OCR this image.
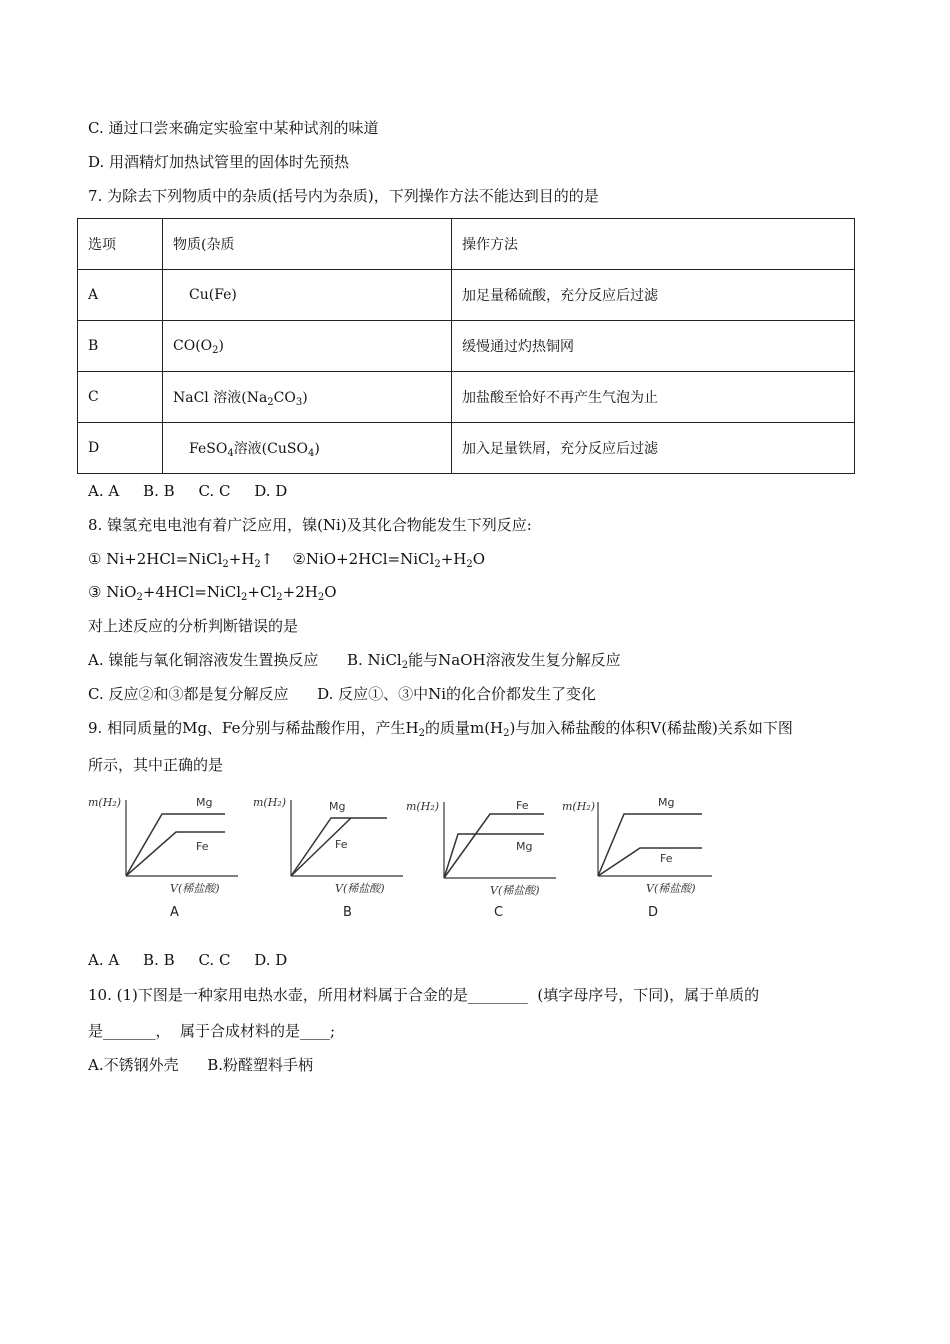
C. 通过口尝来确定实验室中某种试剂的味道
D. 用酒精灯加热试管里的固体时先预热
7. 为除去下列物质中的杂质(括号内为杂质)，下列操作方法不能达到目的的是
选项	物质(杂质	操作方法
A	Cu(Fe)	加足量稀硫酸，充分反应后过滤
B	$CO(O_2)$	缓慢通过灼热铜网
C	NaCl 溶液$(Na_2CO_3)$	加盐酸至恰好不再产生气泡为止
D	FeSO$_4$溶液(CuSO$_4$)	加入足量铁屑，充分反应后过滤
A. A     B. B     C. C     D. D
8. 镍氢充电电池有着广泛应用，镍(Ni)及其化合物能发生下列反应:
① $Ni+2HCl=NiCl_2+H_2↑$    $②NiO+2HCl=NiCl_2+H_2O$
③ $NiO_2+4HCl=NiCl_2+Cl_2+2H_2O$
对上述反应的分析判断错误的是
A. 镍能与氧化铜溶液发生置换反应      B. NiCl$_2$能与NaOH溶液发生复分解反应
C. 反应②和③都是复分解反应      D. 反应①、③中Ni的化合价都发生了变化
9. 相同质量的Mg、Fe分别与稀盐酸作用，产生$H_2$的质量$m(H_2)$与加入稀盐酸的体积V(稀盐酸)关系如下图
所示，其中正确的是
m(H₂)	Mg
Fe
V(稀盐酸)
A
m(H₂)	Mg
Fe
V(稀盐酸)
B
m(H₂)	Fe
Mg
V(稀盐酸)
C
m(H₂)	Mg
Fe
V(稀盐酸)
D
A. A     B. B     C. C     D. D
10. (1)下图是一种家用电热水壶，所用材料属于合金的是________  (填字母序号，下同)，属于单质的
是_______，  属于合成材料的是____;
A.不锈钢外壳      B.粉醛塑料手柄
